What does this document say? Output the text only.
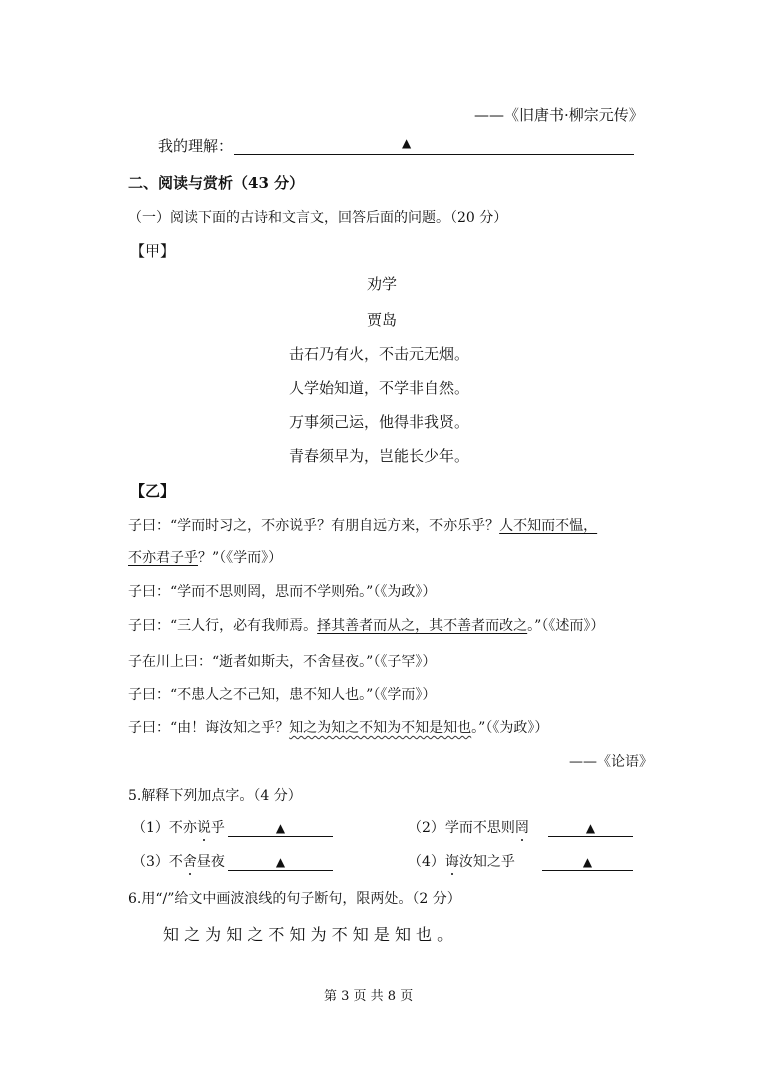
——《旧唐书·柳宗元传》
我的理解：	▲
二、阅读与赏析（43 分）
（一）阅读下面的古诗和文言文，回答后面的问题。（20 分）
【甲】
劝学
贾岛
击石乃有火，不击元无烟。
人学始知道，不学非自然。
万事须己运，他得非我贤。
青春须早为，岂能长少年。
【乙】
子曰：“学而时习之，不亦说乎？有朋自远方来，不亦乐乎？人不知而不愠，
不亦君子乎？”（《学而》）
子曰：“学而不思则罔，思而不学则殆。”（《为政》）
子曰：“三人行，必有我师焉。择其善者而从之，其不善者而改之。”（《述而》）
子在川上曰：“逝者如斯夫，不舍昼夜。”（《子罕》）
子曰：“不患人之不己知，患不知人也。”（《学而》）
子曰：“由！诲汝知之乎？知之为知之不知为不知是知也。”（《为政》）
——《论语》
5.解释下列加点字。（4 分）
（1）不亦说乎	▲	（2）学而不思则罔	▲
（3）不舍昼夜	▲	（4）诲汝知之乎	▲
6.用“/”给文中画波浪线的句子断句，限两处。（2 分）
知 之 为 知 之 不 知 为 不 知 是 知 也 。
第 3 页 共 8 页
